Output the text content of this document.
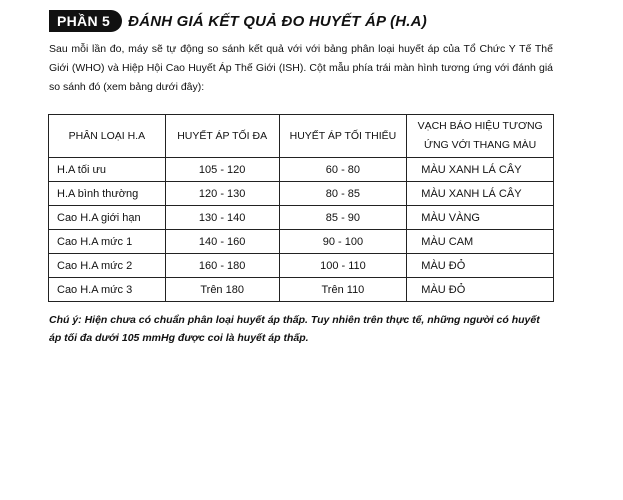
PHẦN 5	ĐÁNH GIÁ KẾT QUẢ ĐO HUYẾT ÁP (H.A)

Sau mỗi lần đo, máy sẽ tự động so sánh kết quả với với bảng phân loại huyết áp của Tổ Chức Y Tế Thế Giới (WHO) và Hiệp Hội Cao Huyết Áp Thế Giới (ISH). Cột mẫu phía trái màn hình tương ứng với đánh giá so sánh đó (xem bảng dưới đây):

PHÂN LOẠI H.A	HUYẾT ÁP TỐI ĐA	HUYẾT ÁP TỐI THIỂU	VẠCH BÁO HIỆU TƯƠNG ỨNG VỚI THANG MÀU
H.A tối ưu	105 - 120	60 - 80	MÀU XANH LÁ CÂY
H.A bình thường	120 - 130	80 - 85	MÀU XANH LÁ CÂY
Cao H.A giới hạn	130 - 140	85 - 90	MÀU VÀNG
Cao H.A mức 1	140 - 160	90 - 100	MÀU CAM
Cao H.A mức 2	160 - 180	100 - 110	MÀU ĐỎ
Cao H.A mức 3	Trên 180	Trên 110	MÀU ĐỎ

Chú ý: Hiện chưa có chuẩn phân loại huyết áp thấp. Tuy nhiên trên thực tế, những người có huyết áp tối đa dưới 105 mmHg được coi là huyết áp thấp.
